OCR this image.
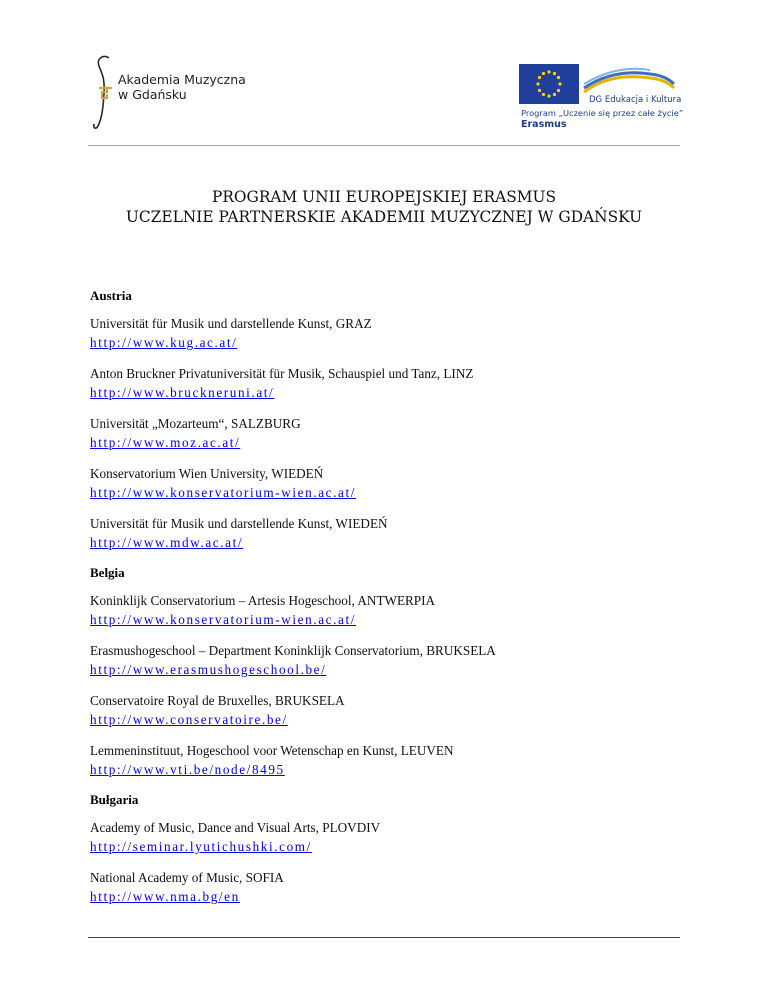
Akademia Muzyczna
w Gdańsku	DG Edukacja i Kultura
Program „Uczenie się przez całe życie”
Erasmus
PROGRAM UNII EUROPEJSKIEJ ERASMUS
UCZELNIE PARTNERSKIE AKADEMII MUZYCZNEJ W GDAŃSKU
Austria
Universität für Musik und darstellende Kunst, GRAZ
http://www.kug.ac.at/
Anton Bruckner Privatuniversität für Musik, Schauspiel und Tanz, LINZ
http://www.bruckneruni.at/
Universität „Mozarteum“, SALZBURG
http://www.moz.ac.at/
Konservatorium Wien University, WIEDEŃ
http://www.konservatorium-wien.ac.at/
Universität für Musik und darstellende Kunst, WIEDEŃ
http://www.mdw.ac.at/
Belgia
Koninklijk Conservatorium – Artesis Hogeschool, ANTWERPIA
http://www.konservatorium-wien.ac.at/
Erasmushogeschool – Department Koninklijk Conservatorium, BRUKSELA
http://www.erasmushogeschool.be/
Conservatoire Royal de Bruxelles, BRUKSELA
http://www.conservatoire.be/
Lemmeninstituut, Hogeschool voor Wetenschap en Kunst, LEUVEN
http://www.vti.be/node/8495
Bułgaria
Academy of Music, Dance and Visual Arts, PLOVDIV
http://seminar.lyutichushki.com/
National Academy of Music, SOFIA
http://www.nma.bg/en
